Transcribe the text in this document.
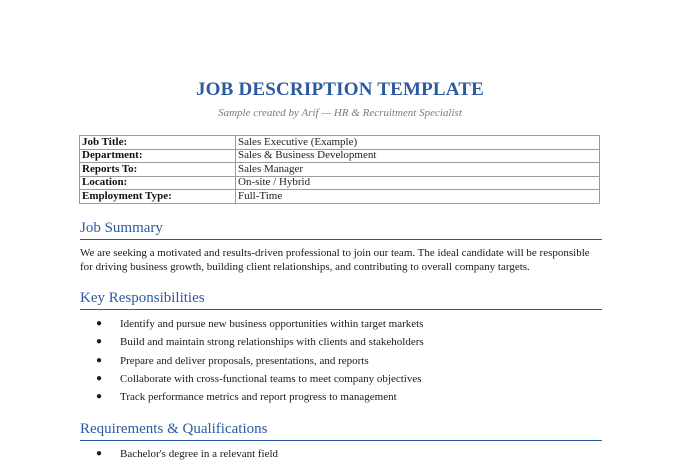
JOB DESCRIPTION TEMPLATE
Sample created by Arif — HR & Recruitment Specialist
Job Title:	Sales Executive (Example)
Department:	Sales & Business Development
Reports To:	Sales Manager
Location:	On-site / Hybrid
Employment Type:	Full-Time
Job Summary
We are seeking a motivated and results-driven professional to join our team. The ideal candidate will be responsible for driving business growth, building client relationships, and contributing to overall company targets.
Key Responsibilities
● Identify and pursue new business opportunities within target markets
● Build and maintain strong relationships with clients and stakeholders
● Prepare and deliver proposals, presentations, and reports
● Collaborate with cross-functional teams to meet company objectives
● Track performance metrics and report progress to management
Requirements & Qualifications
● Bachelor's degree in a relevant field
